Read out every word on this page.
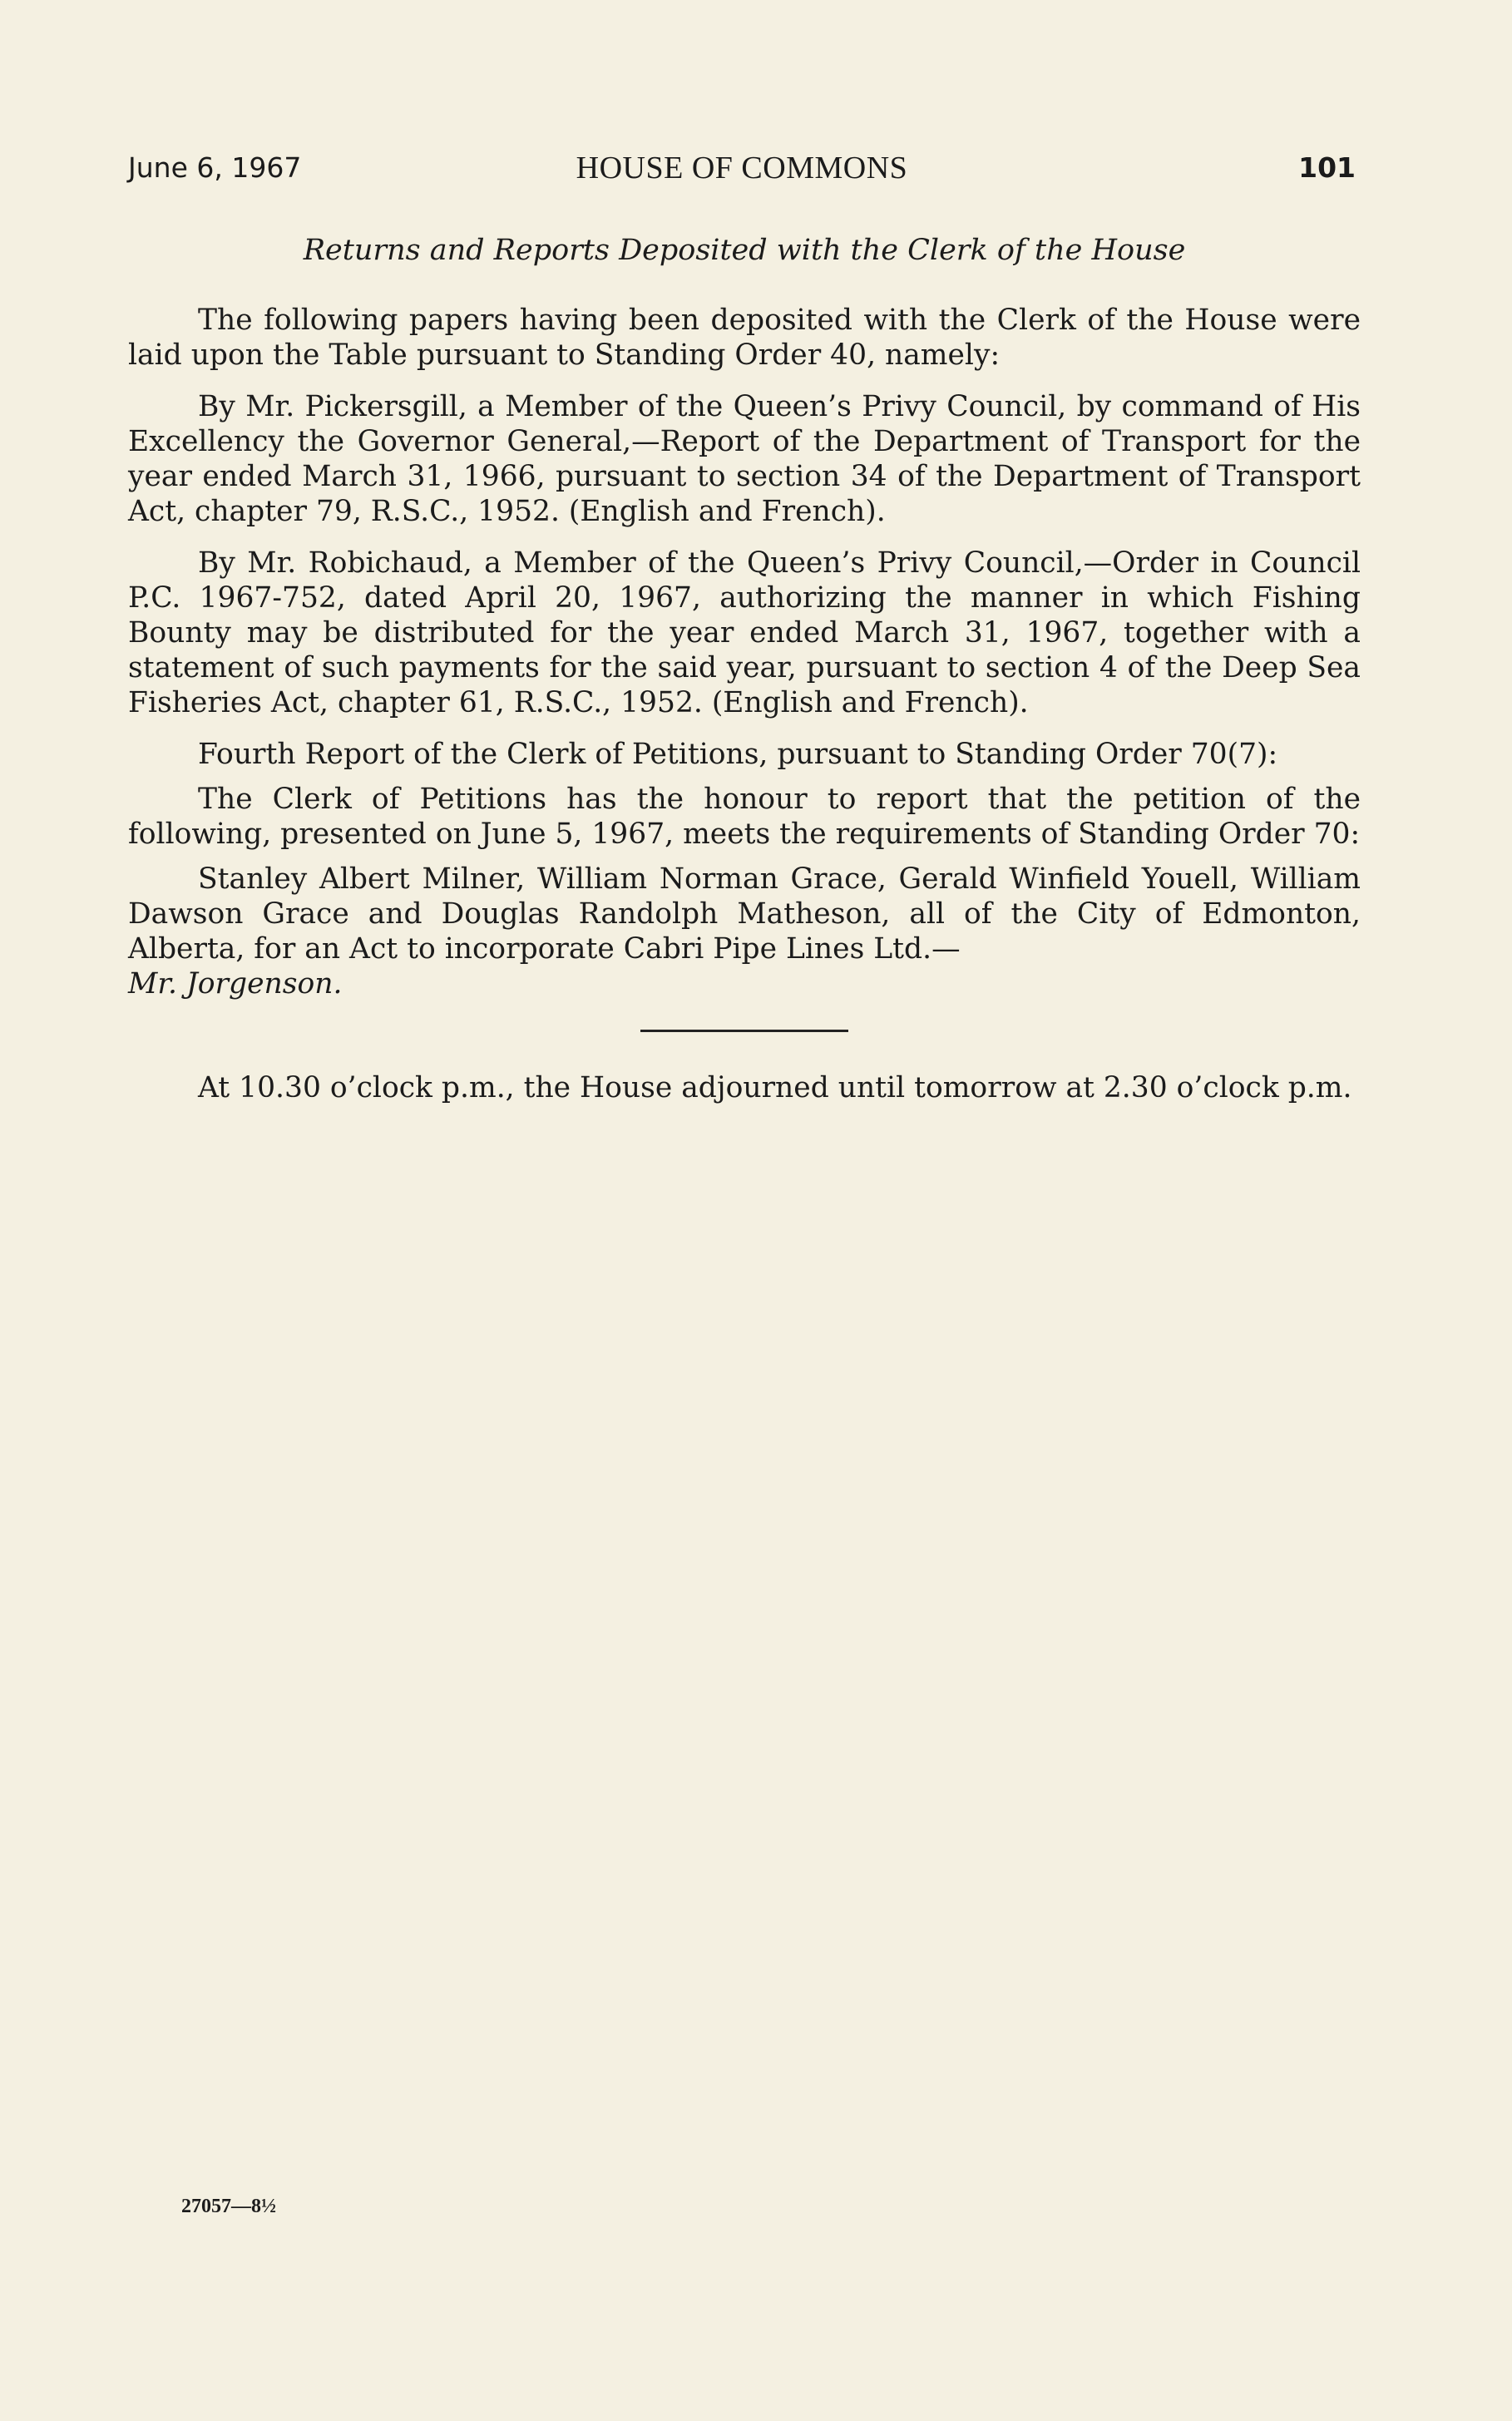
June 6, 1967	HOUSE OF COMMONS	101

Returns and Reports Deposited with the Clerk of the House

The following papers having been deposited with the Clerk of the House were laid upon the Table pursuant to Standing Order 40, namely:

By Mr. Pickersgill, a Member of the Queen’s Privy Council, by command of His Excellency the Governor General,—Report of the Department of Transport for the year ended March 31, 1966, pursuant to section 34 of the Department of Transport Act, chapter 79, R.S.C., 1952. (English and French).

By Mr. Robichaud, a Member of the Queen’s Privy Council,—Order in Council P.C. 1967-752, dated April 20, 1967, authorizing the manner in which Fishing Bounty may be distributed for the year ended March 31, 1967, together with a statement of such payments for the said year, pursuant to section 4 of the Deep Sea Fisheries Act, chapter 61, R.S.C., 1952. (English and French).

Fourth Report of the Clerk of Petitions, pursuant to Standing Order 70(7):

The Clerk of Petitions has the honour to report that the petition of the following, presented on June 5, 1967, meets the requirements of Standing Order 70:

Stanley Albert Milner, William Norman Grace, Gerald Winfield Youell, William Dawson Grace and Douglas Randolph Matheson, all of the City of Edmonton, Alberta, for an Act to incorporate Cabri Pipe Lines Ltd.—

Mr. Jorgenson.

At 10.30 o’clock p.m., the House adjourned until tomorrow at 2.30 o’clock p.m.

27057—8½
